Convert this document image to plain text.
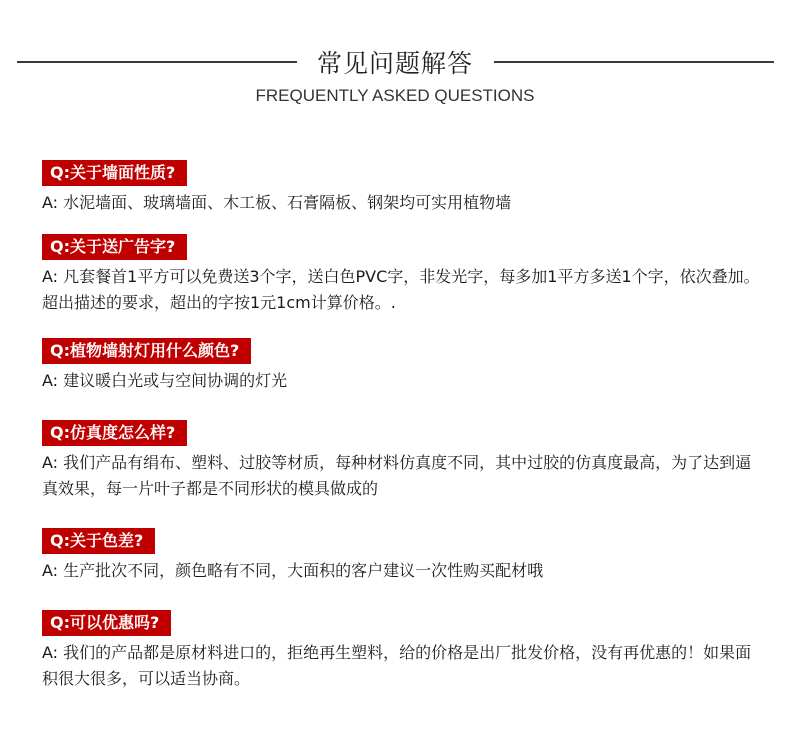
常见问题解答
FREQUENTLY ASKED QUESTIONS
Q:关于墙面性质?
A: 水泥墙面、玻璃墙面、木工板、石膏隔板、钢架均可实用植物墙
Q:关于送广告字?
A: 凡套餐首1平方可以免费送3个字，送白色PVC字，非发光字，每多加1平方多送1个字，依次叠加。超出描述的要求，超出的字按1元1cm计算价格。.
Q:植物墙射灯用什么颜色?
A: 建议暖白光或与空间协调的灯光
Q:仿真度怎么样?
A: 我们产品有绢布、塑料、过胶等材质，每种材料仿真度不同，其中过胶的仿真度最高，为了达到逼真效果，每一片叶子都是不同形状的模具做成的
Q:关于色差?
A: 生产批次不同，颜色略有不同，大面积的客户建议一次性购买配材哦
Q:可以优惠吗?
A: 我们的产品都是原材料进口的，拒绝再生塑料，给的价格是出厂批发价格，没有再优惠的！如果面积很大很多，可以适当协商。
